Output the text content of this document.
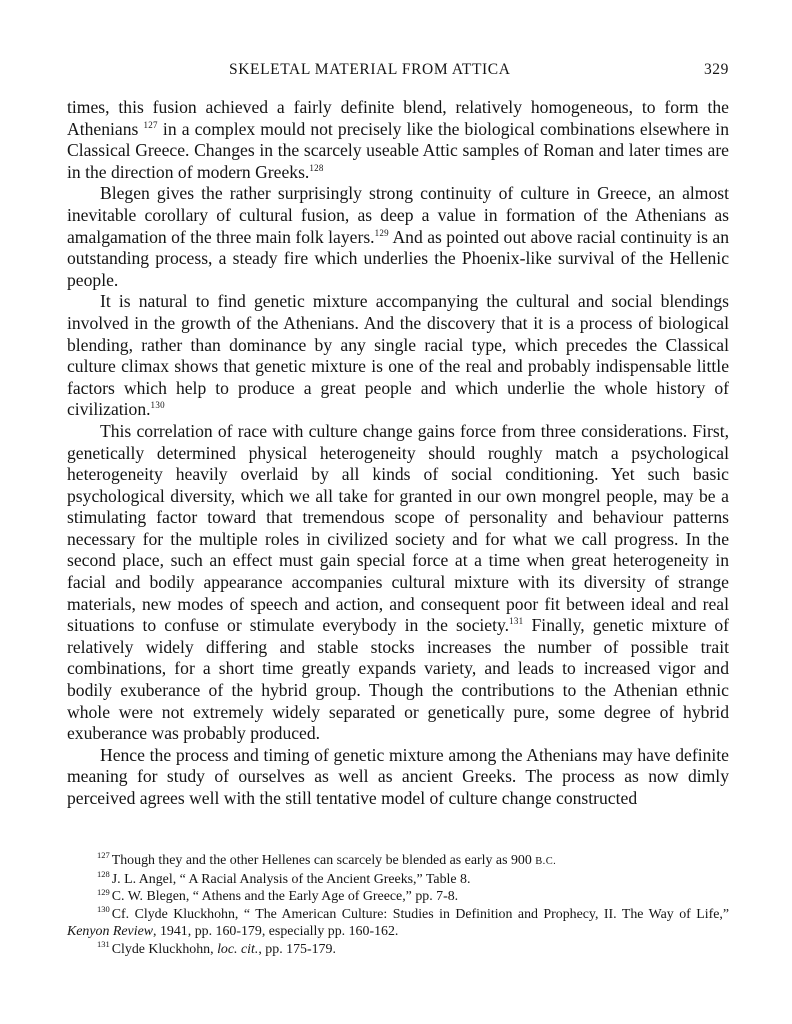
SKELETAL MATERIAL FROM ATTICA	329

times, this fusion achieved a fairly definite blend, relatively homogeneous, to form the Athenians $^{127}$ in a complex mould not precisely like the biological combinations elsewhere in Classical Greece. Changes in the scarcely useable Attic samples of Roman and later times are in the direction of modern Greeks.$^{128}$

Blegen gives the rather surprisingly strong continuity of culture in Greece, an almost inevitable corollary of cultural fusion, as deep a value in formation of the Athenians as amalgamation of the three main folk layers.$^{129}$ And as pointed out above racial continuity is an outstanding process, a steady fire which underlies the Phoenix-like survival of the Hellenic people.

It is natural to find genetic mixture accompanying the cultural and social blendings involved in the growth of the Athenians. And the discovery that it is a process of biological blending, rather than dominance by any single racial type, which precedes the Classical culture climax shows that genetic mixture is one of the real and probably indispensable little factors which help to produce a great people and which underlie the whole history of civilization.$^{130}$

This correlation of race with culture change gains force from three considerations. First, genetically determined physical heterogeneity should roughly match a psychological heterogeneity heavily overlaid by all kinds of social conditioning. Yet such basic psychological diversity, which we all take for granted in our own mongrel people, may be a stimulating factor toward that tremendous scope of personality and behaviour patterns necessary for the multiple roles in civilized society and for what we call progress. In the second place, such an effect must gain special force at a time when great heterogeneity in facial and bodily appearance accompanies cultural mixture with its diversity of strange materials, new modes of speech and action, and consequent poor fit between ideal and real situations to confuse or stimulate everybody in the society.$^{131}$ Finally, genetic mixture of relatively widely differing and stable stocks increases the number of possible trait combinations, for a short time greatly expands variety, and leads to increased vigor and bodily exuberance of the hybrid group. Though the contributions to the Athenian ethnic whole were not extremely widely separated or genetically pure, some degree of hybrid exuberance was probably produced.

Hence the process and timing of genetic mixture among the Athenians may have definite meaning for study of ourselves as well as ancient Greeks. The process as now dimly perceived agrees well with the still tentative model of culture change constructed

$^{127}$ Though they and the other Hellenes can scarcely be blended as early as 900 B.C.

$^{128}$ J. L. Angel, “ A Racial Analysis of the Ancient Greeks,” Table 8.

$^{129}$ C. W. Blegen, “ Athens and the Early Age of Greece,” pp. 7-8.

$^{130}$ Cf. Clyde Kluckhohn, “ The American Culture: Studies in Definition and Prophecy, II. The Way of Life,” Kenyon Review, 1941, pp. 160-179, especially pp. 160-162.

$^{131}$ Clyde Kluckhohn, loc. cit., pp. 175-179.
